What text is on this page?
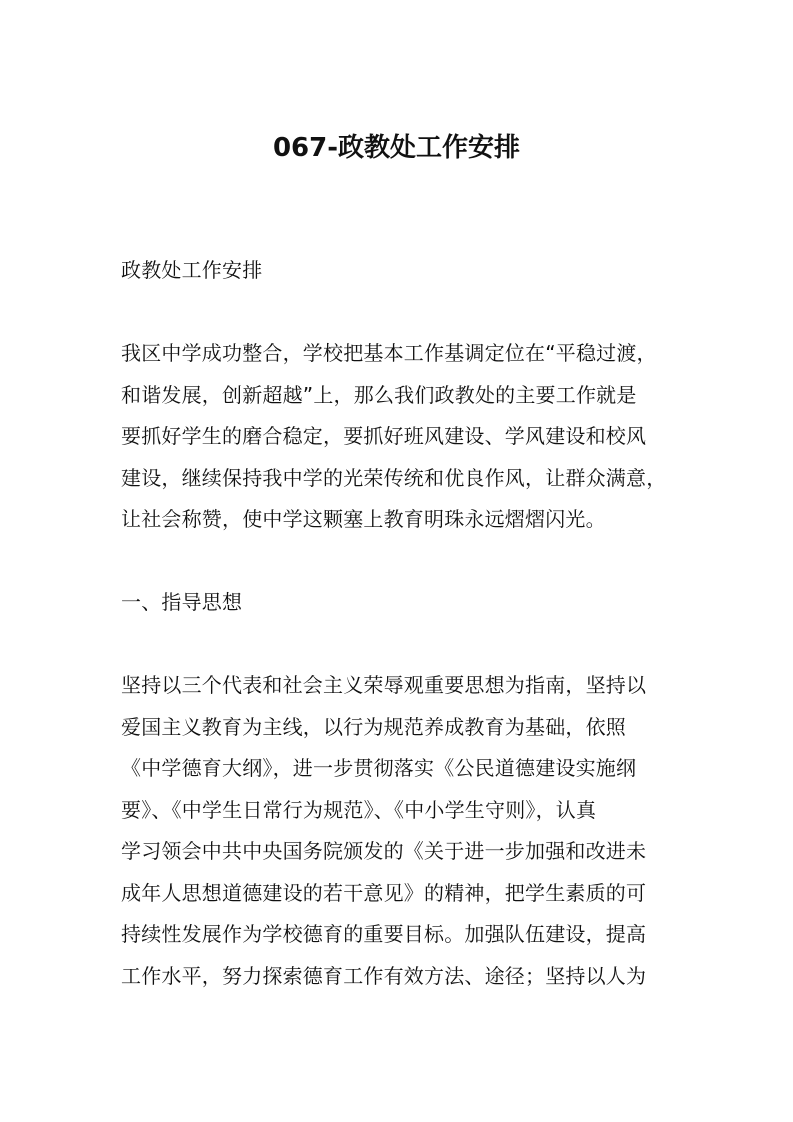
067-政教处工作安排

政教处工作安排

我区中学成功整合，学校把基本工作基调定位在“平稳过渡，
和谐发展，创新超越”上，那么我们政教处的主要工作就是
要抓好学生的磨合稳定，要抓好班风建设、学风建设和校风
建设，继续保持我中学的光荣传统和优良作风，让群众满意，
让社会称赞，使中学这颗塞上教育明珠永远熠熠闪光。

一、指导思想

坚持以三个代表和社会主义荣辱观重要思想为指南，坚持以
爱国主义教育为主线，以行为规范养成教育为基础，依照
《中学德育大纲》，进一步贯彻落实《公民道德建设实施纲
要》、《中学生日常行为规范》、《中小学生守则》，认真
学习领会中共中央国务院颁发的《关于进一步加强和改进未
成年人思想道德建设的若干意见》的精神，把学生素质的可
持续性发展作为学校德育的重要目标。加强队伍建设，提高
工作水平，努力探索德育工作有效方法、途径；坚持以人为
